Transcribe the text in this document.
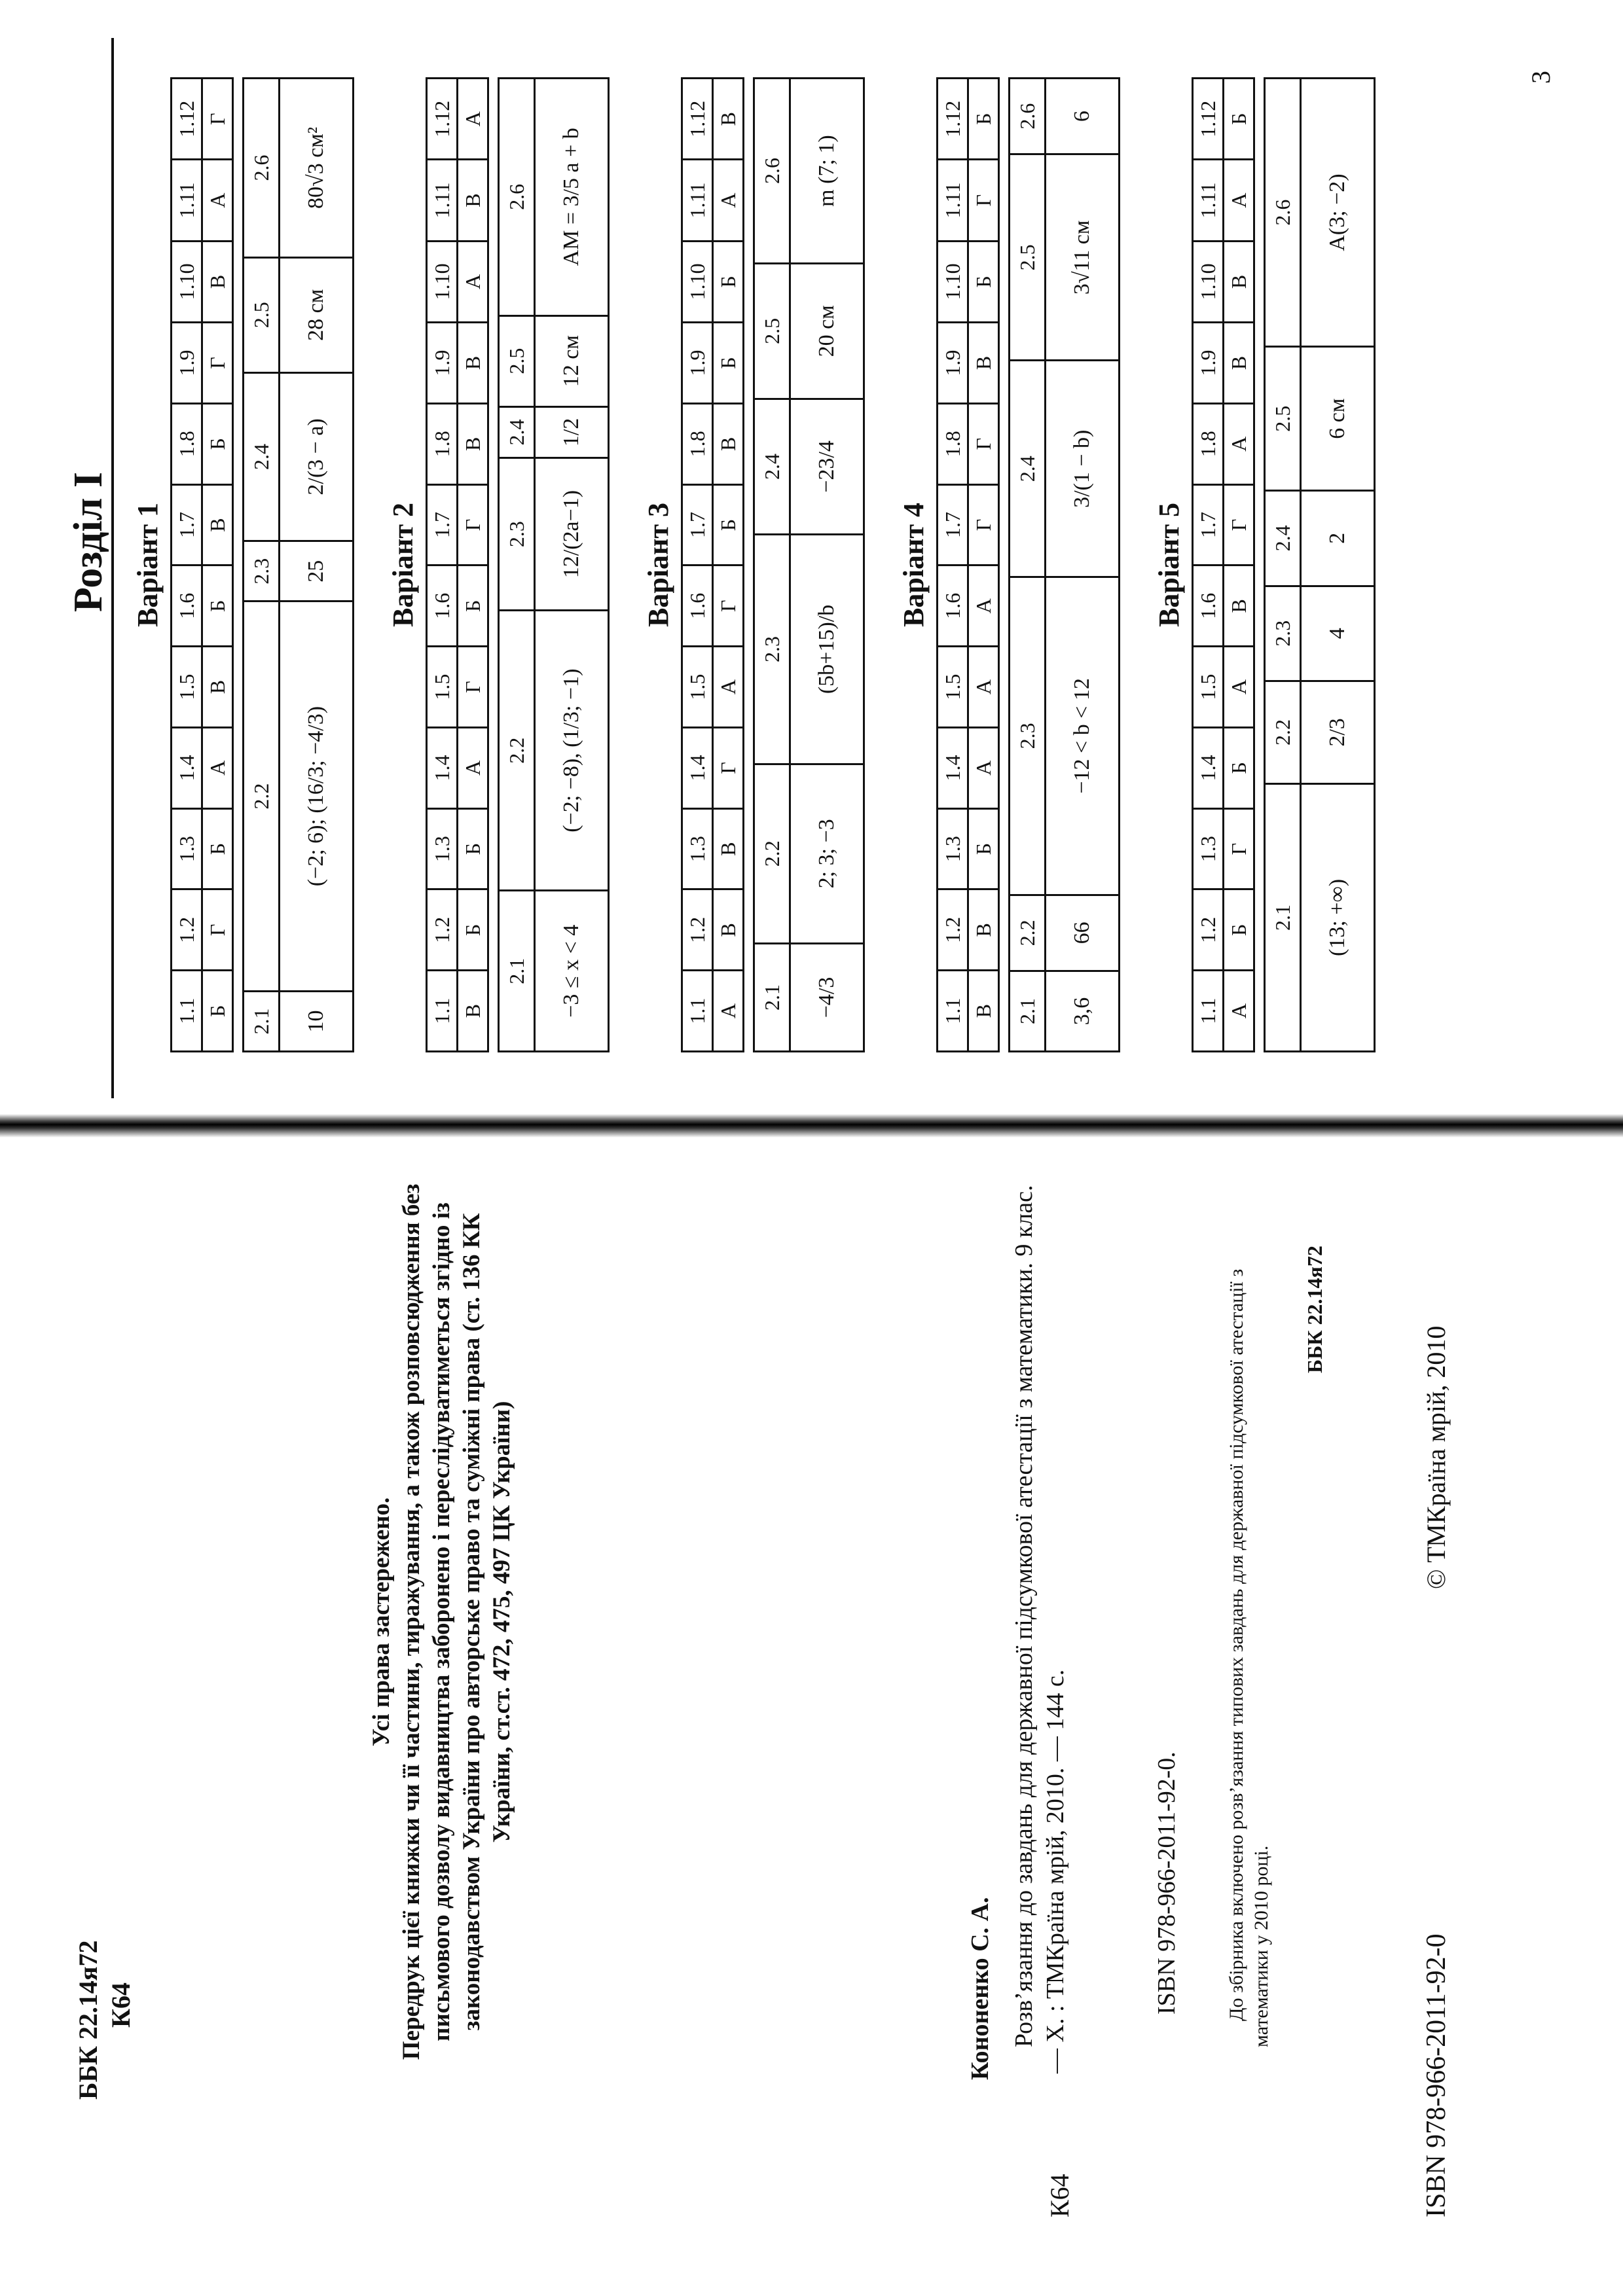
ББК 22.14я72 К64
Усі права застережено. Передрук цієї книжки чи її частини, тиражування, а також розповсюдження без письмового дозволу видавництва заборонено і переслідуватиметься згідно із законодавством України про авторське право та суміжні права (ст. 136 КК України, ст.ст. 472, 475, 497 ЦК України)
К64
Кононенко С. А. Розв’язання до завдань для державної підсумкової атестації з математики. 9 клас. — Х. : ТМКраїна мрій, 2010. — 144 с.	ISBN 978-966-2011-92-0. До збірника включено розв’язання типових завдань для державної підсумкової атестації з математики у 2010 році.
ББК 22.14я72
ISBN 978-966-2011-92-0
© ТМКраїна мрій, 2010
Розділ І Варіант 1
1.1	1.2	1.3	1.4	1.5	1.6	1.7	1.8	1.9	1.10	1.11	1.12
Б	Г	Б	А	В	Б	В	Б	Г	В	А	Г
2.1	2.2	2.3	2.4	2.5	2.6
10	(−2; 6); (16/3; −4/3)	25	2/(3 − a)	28 см	80√3 см²
Варіант 2
1.1	1.2	1.3	1.4	1.5	1.6	1.7	1.8	1.9	1.10	1.11	1.12
В	Б	Б	А	Г	Б	Г	В	В	А	В	А
2.1	2.2	2.3	2.4	2.5	2.6
−3 ≤ x < 4	(−2; −8), (1/3; −1)	12/(2a−1)	1/2	12 см	AM = 3/5 a + b
Варіант 3
1.1	1.2	1.3	1.4	1.5	1.6	1.7	1.8	1.9	1.10	1.11	1.12
А	В	В	Г	А	Г	Б	В	Б	Б	А	В
2.1	2.2	2.3	2.4	2.5	2.6
−4/3	2; 3; −3	(5b+15)/b	−23/4	20 см	m (7; 1)
Варіант 4
1.1	1.2	1.3	1.4	1.5	1.6	1.7	1.8	1.9	1.10	1.11	1.12
В	В	Б	А	А	А	Г	Г	В	Б	Г	Б
2.1	2.2	2.3	2.4	2.5	2.6
3,6	66	−12 < b < 12	3/(1 − b)	3√11 см	6
Варіант 5
1.1	1.2	1.3	1.4	1.5	1.6	1.7	1.8	1.9	1.10	1.11	1.12
А	Б	Г	Б	А	В	Г	А	В	В	А	Б
2.1	2.2	2.3	2.4	2.5	2.6
(13; +∞)	2/3	4	2	6 см	A(3; −2)
3
